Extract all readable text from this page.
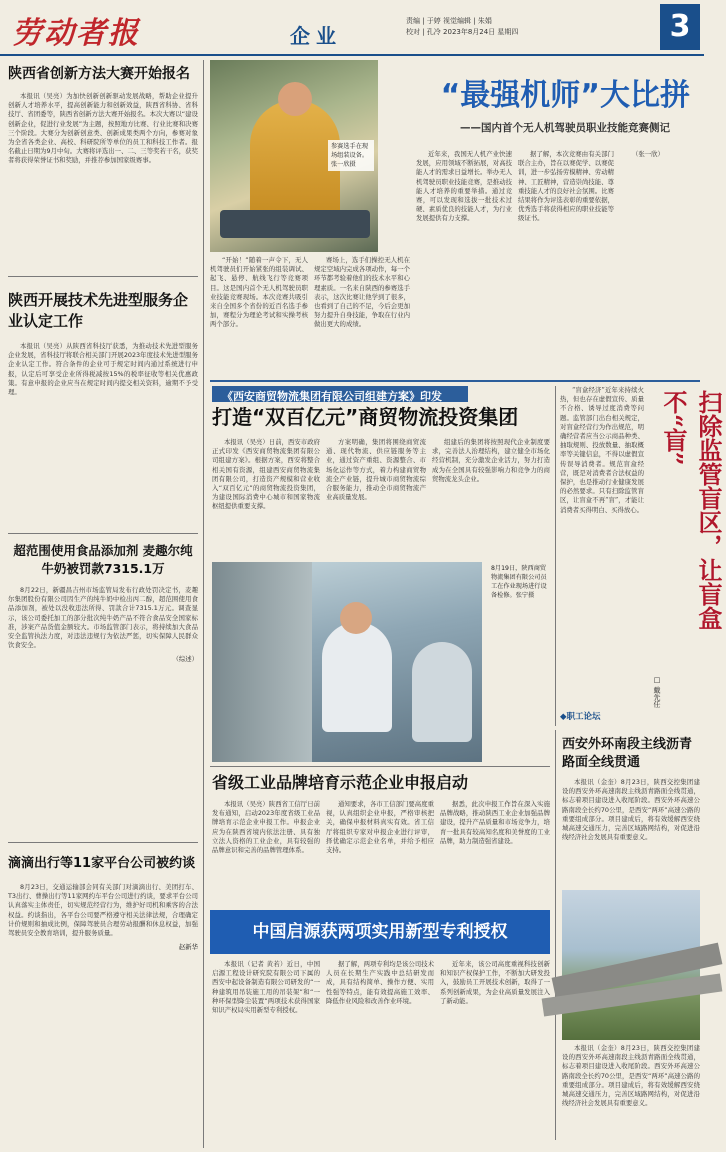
劳动者报	企业
责编 | 于婷 视觉编辑 | 朱娟
校对 | 孔冷 2023年8月24日 星期四	3
陕西省创新方法大赛开始报名

本报讯（吴亮）为加快创新创新驱动发展战略，帮助企业提升创新人才培养水平，提高创新能力和创新效益，陕西省科协、省科技厅、省团委等，陕西省创新方法大赛开始报名。本次大赛以“建设创新企业，促进行业发展”为主题，按照地方比赛、行业比赛和决赛三个阶段。大赛分为创新创意类、创新成果类两个方向，参赛对象为全省各类企业、高校、科研院所等单位的员工和科技工作者。报名截止日期为9月中旬。大赛将评选出一、二、三等奖若干名，获奖者将获得荣誉证书和奖励，并推荐参加国家级赛事。

陕西开展技术先进型服务企业认定工作

本报讯（吴亮）从陕西省科技厅获悉，为推动技术先进型服务企业发展，省科技厅将联合相关部门开展2023年度技术先进型服务企业认定工作。符合条件的企业可于规定时间内通过系统进行申报，认定后可享受企业所得税减按15%的税率征收等相关优惠政策。有意申报的企业应当在规定时间内提交相关资料，逾期不予受理。

超范围使用食品添加剂 麦趣尔纯牛奶被罚款7315.1万

8月22日，新疆昌吉州市场监管局发布行政处罚决定书，麦趣尔集团股份有限公司因生产的纯牛奶中检出丙二醇，超范围使用食品添加剂，被处以没收违法所得、罚款合计7315.1万元。调查显示，该公司委托加工的部分批次纯牛奶产品不符合食品安全国家标准，涉案产品货值金额较大。市场监管部门表示，将持续加大食品安全监管执法力度，对违法违规行为依法严惩，切实保障人民群众饮食安全。

（综述）
滴滴出行等11家平台公司被约谈

8月23日，交通运输部会同有关部门对滴滴出行、美团打车、T3出行、曹操出行等11家网约车平台公司进行约谈，要求平台公司认真落实主体责任，切实规范经营行为，维护好司机和乘客的合法权益。约谈指出，各平台公司要严格遵守相关法律法规，合理确定计价规则和抽成比例，保障驾驶员合理劳动报酬和休息权益，加强驾驶员安全教育培训，提升服务质量。

赵新华
参赛选手在现场组装设备。 张一欣摄
“最强机师”大比拼
——国内首个无人机驾驶员职业技能竞赛侧记

“开始！”随着一声令下，无人机驾驶员们开始紧张的组装调试、起飞、悬停、航线飞行等竞赛项目。这是国内首个无人机驾驶员职业技能竞赛现场。本次竞赛共吸引来自全国多个省份的近百名选手参加，赛程分为理论考试和实操考核两个部分。

赛场上，选手们操控无人机在规定空域内完成各项动作，每一个环节都考验着他们的技术水平和心理素质。一名来自陕西的参赛选手表示，这次比赛让他学到了很多，也看到了自己的不足，今后会更加努力提升自身技能，争取在行业内做出更大的成绩。

近年来，我国无人机产业快速发展，应用领域不断拓展，对高技能人才的需求日益增长。举办无人机驾驶员职业技能竞赛，是推动技能人才培养的重要举措。通过竞赛，可以发现和选拔一批技术过硬、素质优良的技能人才，为行业发展提供有力支撑。

据了解，本次竞赛由有关部门联合主办，旨在以赛促学、以赛促训，进一步弘扬劳模精神、劳动精神、工匠精神，营造崇尚技能、尊重技能人才的良好社会氛围。比赛结果将作为评选表彰的重要依据，优秀选手将获得相应的职业技能等级证书。

（张一欣）

《西安商贸物流集团有限公司组建方案》印发
打造“双百亿元”商贸物流投资集团

本报讯（吴亮）日前，西安市政府正式印发《西安商贸物流集团有限公司组建方案》。根据方案，西安将整合相关国有资源，组建西安商贸物流集团有限公司，打造资产规模和营业收入“双百亿元”的商贸物流投资集团，为建设国际消费中心城市和国家物流枢纽提供重要支撑。

方案明确，集团将围绕商贸流通、现代物流、供应链服务等主业，通过资产重组、资源整合、市场化运作等方式，着力构建商贸物流全产业链，提升城市商贸物流综合服务能力，推动全市商贸物流产业高质量发展。

组建后的集团将按照现代企业制度要求，完善法人治理结构，建立健全市场化经营机制，充分激发企业活力，努力打造成为在全国具有较强影响力和竞争力的商贸物流龙头企业。

8月19日，陕西商贸物流集团有限公司员工在作业现场进行设备检修。张宁摄

“盲盒经济”近年来持续火热，但也存在虚假宣传、质量不合格、诱导过度消费等问题。监管部门出台相关规定，对盲盒经营行为作出规范，明确经营者应当公示商品种类、抽取规则、投放数量、抽取概率等关键信息，不得以虚假宣传误导消费者。规范盲盒经营，既是对消费者合法权益的保护，也是推动行业健康发展的必然要求。只有扫除监管盲区，让盲盒不再“盲”，才能让消费者买得明白、买得放心。	扫除监管盲区，让盲盒不“盲”
□ 戴先任
◆职工论坛
省级工业品牌培育示范企业申报启动

本报讯（吴亮）陕西省工信厅日前发布通知，启动2023年度省级工业品牌培育示范企业申报工作。申报企业应为在陕西省境内依法注册、具有独立法人资格的工业企业，具有较强的品牌意识和完善的品牌管理体系。

通知要求，各市工信部门要高度重视，认真组织企业申报，严格审核把关，确保申报材料真实有效。省工信厅将组织专家对申报企业进行评审，择优确定示范企业名单，并给予相应支持。

据悉，此次申报工作旨在深入实施品牌战略，推动陕西工业企业加强品牌建设，提升产品质量和市场竞争力，培育一批具有较高知名度和美誉度的工业品牌，助力制造强省建设。

西安外环南段主线沥青路面全线贯通

本报讯（金奎）8月23日，陕西交控集团建设的西安外环高速南段主线沥青路面全线贯通，标志着项目建设进入收尾阶段。西安外环高速公路南段全长约70公里，是西安“两环”高速公路的重要组成部分。项目建成后，将有效缓解西安绕城高速交通压力，完善区域路网结构，对促进沿线经济社会发展具有重要意义。

本报讯（金奎）8月23日，陕西交控集团建设的西安外环高速南段主线沥青路面全线贯通，标志着项目建设进入收尾阶段。西安外环高速公路南段全长约70公里，是西安“两环”高速公路的重要组成部分。项目建成后，将有效缓解西安绕城高速交通压力，完善区域路网结构，对促进沿线经济社会发展具有重要意义。

中国启源获两项实用新型专利授权

本报讯（记者 黄若）近日，中国启源工程设计研究院有限公司下属的西安中起设备制造有限公司研发的“一种建筑用吊装施工用的吊装架”和“一种环保型降尘装置”两项技术获得国家知识产权局实用新型专利授权。

据了解，两项专利均是该公司技术人员在长期生产实践中总结研发而成，具有结构简单、操作方便、实用性强等特点，能有效提高施工效率、降低作业风险和改善作业环境。

近年来，该公司高度重视科技创新和知识产权保护工作，不断加大研发投入，鼓励员工开展技术创新，取得了一系列创新成果，为企业高质量发展注入了新动能。
